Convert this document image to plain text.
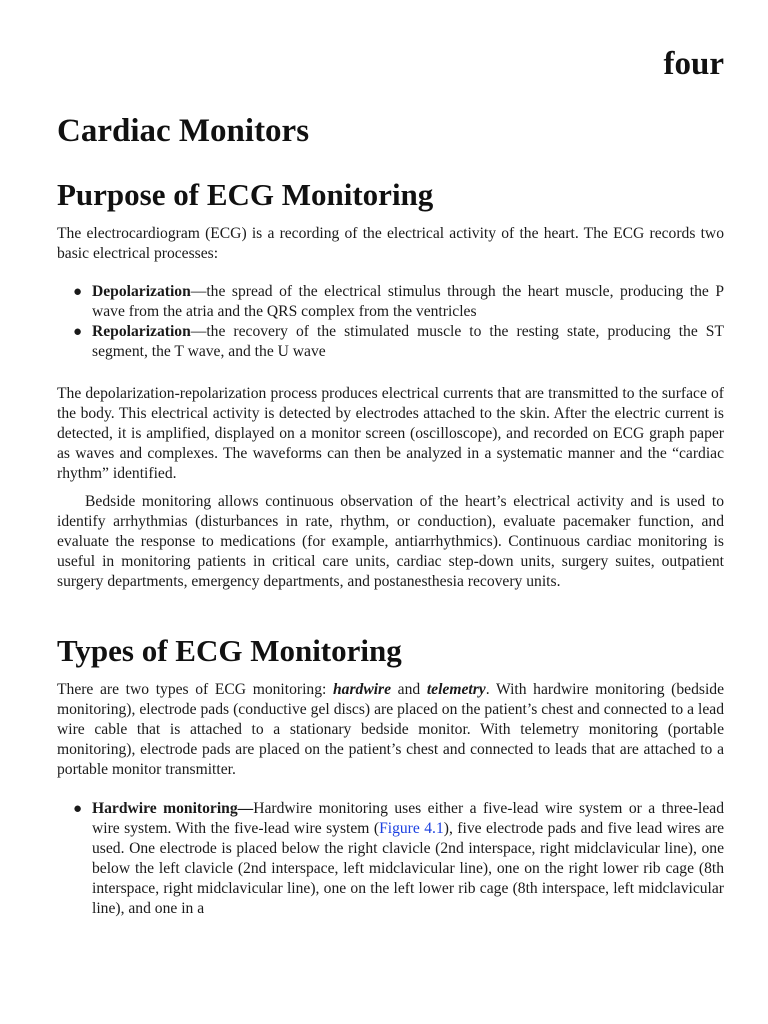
four
Cardiac Monitors
Purpose of ECG Monitoring

The electrocardiogram (ECG) is a recording of the electrical activity of the heart. The ECG records two basic electrical processes:

● Depolarization—the spread of the electrical stimulus through the heart muscle, producing the P wave from the atria and the QRS complex from the ventricles
● Repolarization—the recovery of the stimulated muscle to the resting state, producing the ST segment, the T wave, and the U wave

The depolarization-repolarization process produces electrical currents that are transmitted to the surface of the body. This electrical activity is detected by electrodes attached to the skin. After the electric current is detected, it is amplified, displayed on a monitor screen (oscilloscope), and recorded on ECG graph paper as waves and complexes. The waveforms can then be analyzed in a systematic manner and the “cardiac rhythm” identified.

Bedside monitoring allows continuous observation of the heart’s electrical activity and is used to identify arrhythmias (disturbances in rate, rhythm, or conduction), evaluate pacemaker function, and evaluate the response to medications (for example, antiarrhythmics). Continuous cardiac monitoring is useful in monitoring patients in critical care units, cardiac step-down units, surgery suites, outpatient surgery departments, emergency departments, and postanesthesia recovery units.

Types of ECG Monitoring

There are two types of ECG monitoring: hardwire and telemetry. With hardwire monitoring (bedside monitoring), electrode pads (conductive gel discs) are placed on the patient’s chest and connected to a lead wire cable that is attached to a stationary bedside monitor. With telemetry monitoring (portable monitoring), electrode pads are placed on the patient’s chest and connected to leads that are attached to a portable monitor transmitter.

● Hardwire monitoring—Hardwire monitoring uses either a five-lead wire system or a three-lead wire system. With the five-lead wire system (Figure 4.1), five electrode pads and five lead wires are used. One electrode is placed below the right clavicle (2nd interspace, right midclavicular line), one below the left clavicle (2nd interspace, left midclavicular line), one on the right lower rib cage (8th interspace, right midclavicular line), one on the left lower rib cage (8th interspace, left midclavicular line), and one in a
